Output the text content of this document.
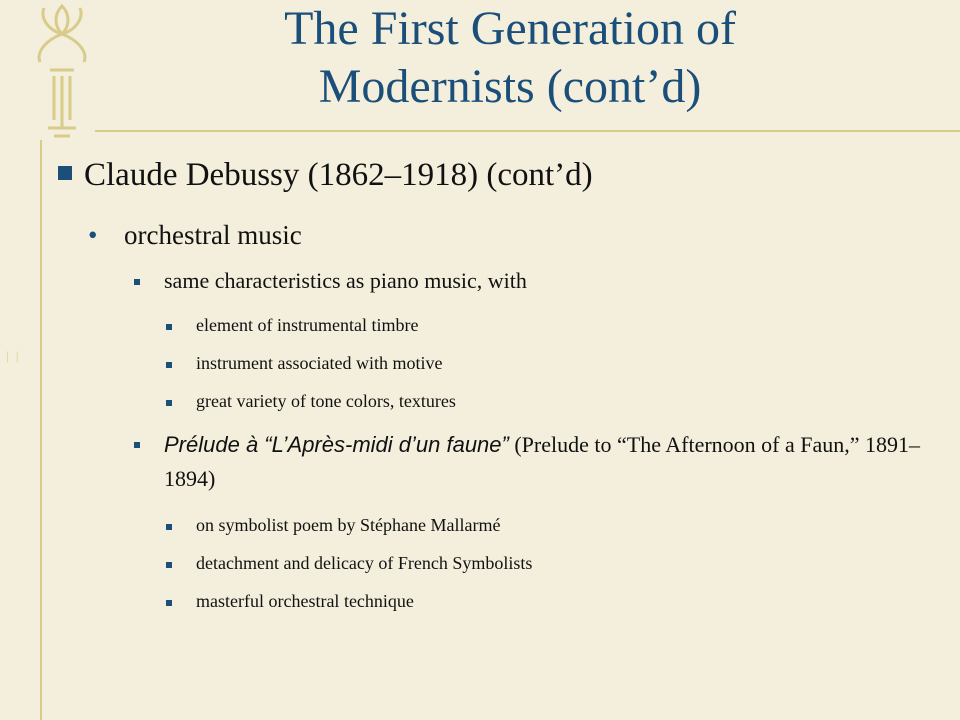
| |
The First Generation of
Modernists (cont’d)
Claude Debussy (1862–1918) (cont’d)
• orchestral music
same characteristics as piano music, with
element of instrumental timbre
instrument associated with motive
great variety of tone colors, textures
Prélude à “L’Après-midi d’un faune” (Prelude to “The Afternoon of a Faun,” 1891–1894)
on symbolist poem by Stéphane Mallarmé
detachment and delicacy of French Symbolists
masterful orchestral technique
